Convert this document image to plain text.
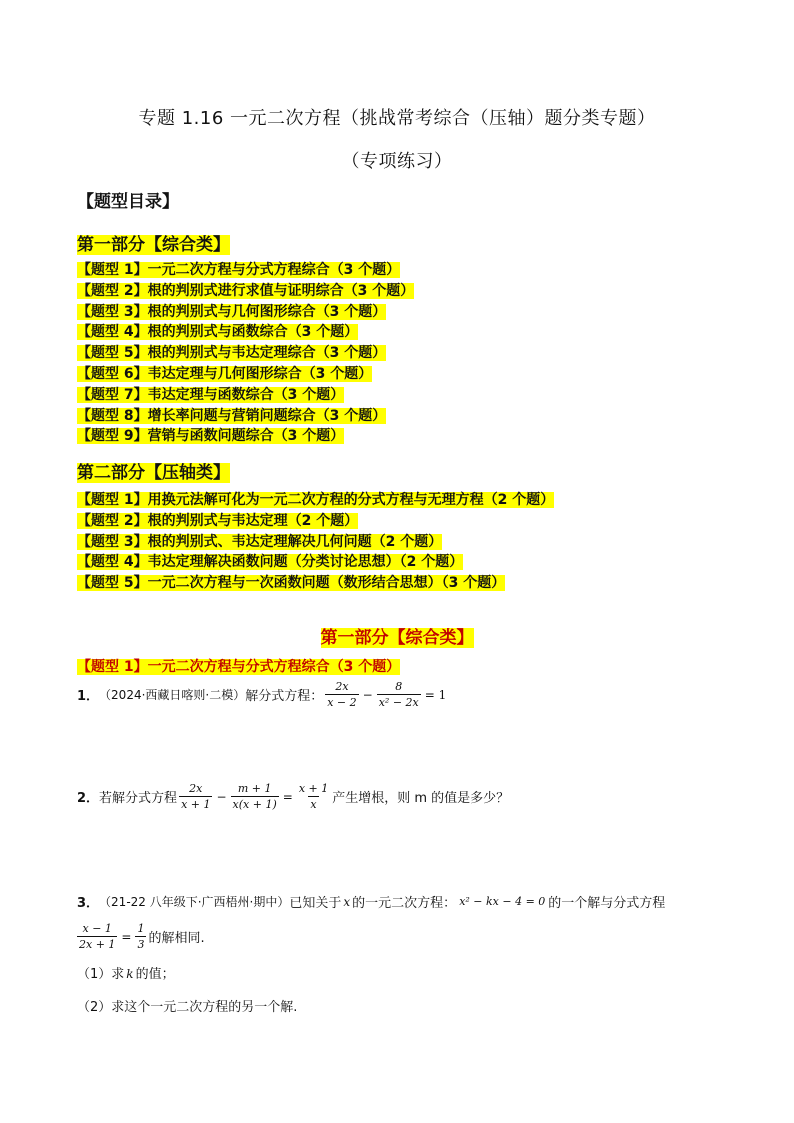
专题 1.16 一元二次方程（挑战常考综合（压轴）题分类专题）
（专项练习）
【题型目录】
第一部分【综合类】
【题型 1】一元二次方程与分式方程综合（3 个题）
【题型 2】根的判别式进行求值与证明综合（3 个题）
【题型 3】根的判别式与几何图形综合（3 个题）
【题型 4】根的判别式与函数综合（3 个题）
【题型 5】根的判别式与韦达定理综合（3 个题）
【题型 6】韦达定理与几何图形综合（3 个题）
【题型 7】韦达定理与函数综合（3 个题）
【题型 8】增长率问题与营销问题综合（3 个题）
【题型 9】营销与函数问题综合（3 个题）
第二部分【压轴类】
【题型 1】用换元法解可化为一元二次方程的分式方程与无理方程（2 个题）
【题型 2】根的判别式与韦达定理（2 个题）
【题型 3】根的判别式、韦达定理解决几何问题（2 个题）
【题型 4】韦达定理解决函数问题（分类讨论思想）（2 个题）
【题型 5】一元二次方程与一次函数问题（数形结合思想）（3 个题）
第一部分【综合类】
【题型 1】一元二次方程与分式方程综合（3 个题）
1． （2024·西藏日喀则·二模） 解分式方程： $\frac{2x}{x - 2} - \frac{8}{\text{x² − 2x}} = 1$
2． 若解分式方程 $\frac{2x}{x + 1} - \frac{m + 1}{x(x + 1)} = \frac{x + 1}{x}$ 产生增根，则 m 的值是多少？
3． （21-22 八年级下·广西梧州·期中） 已知关于 x 的一元二次方程： x² − kx − 4 = 0 的一个解与分式方程
$\frac{x - 1}{2x + 1} = \frac{1}{3}$ 的解相同.
（1）求 k 的值；
（2）求这个一元二次方程的另一个解.
